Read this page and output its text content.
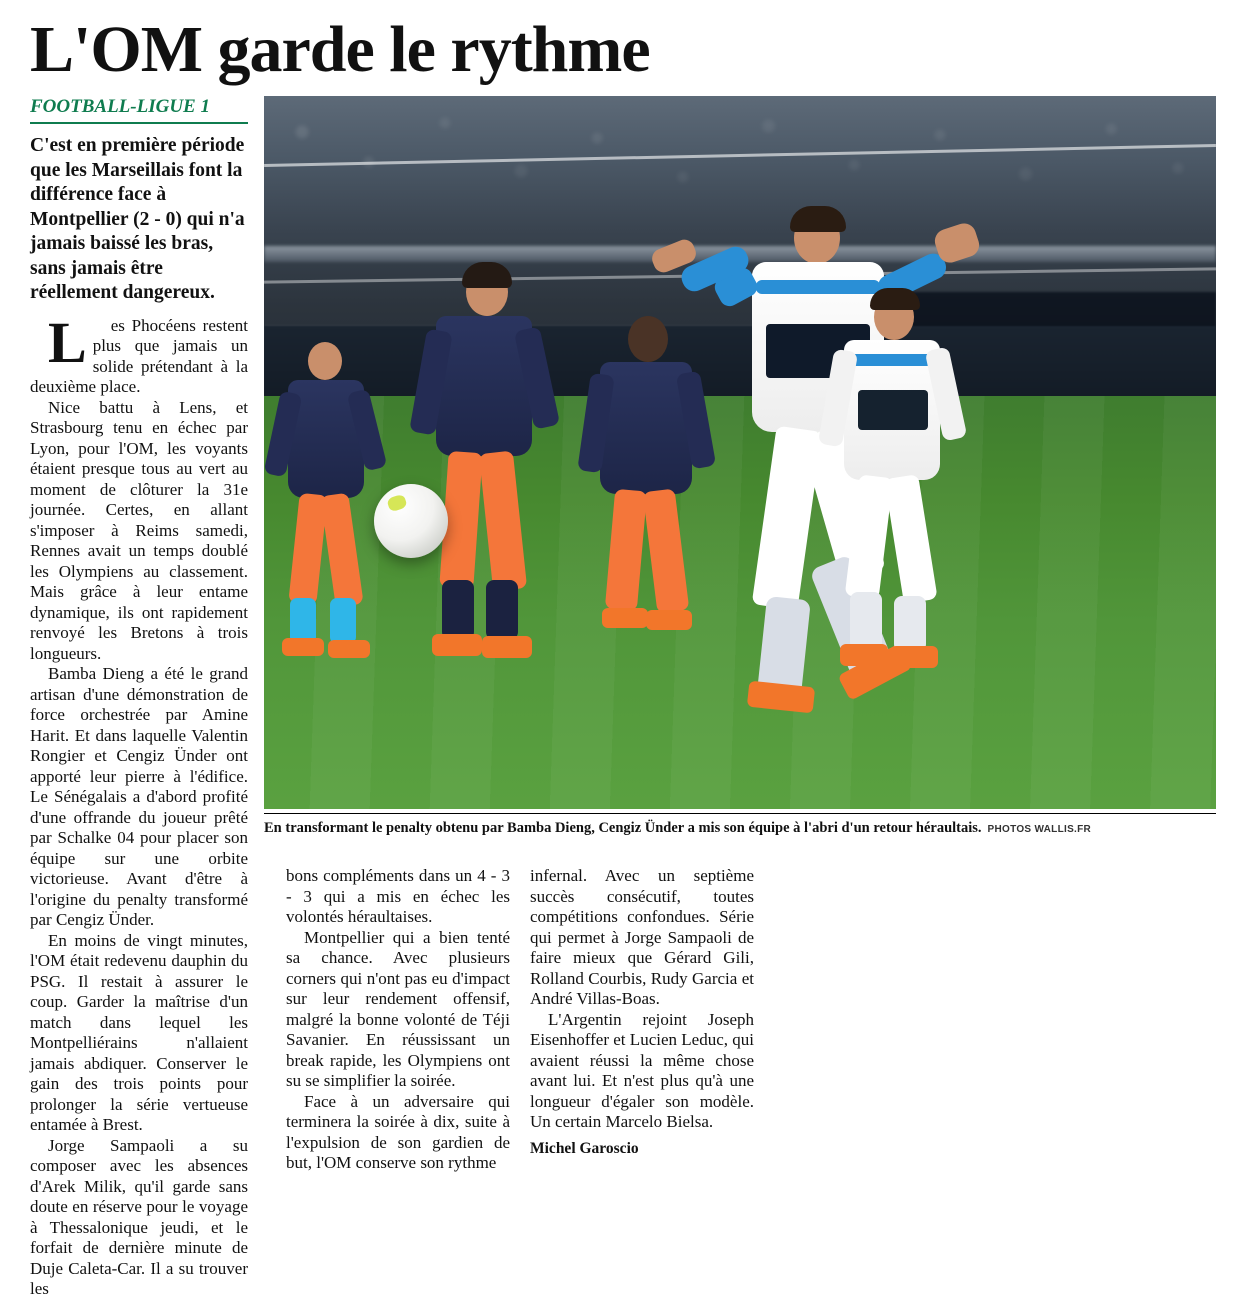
L'OM garde le rythme
FOOTBALL-LIGUE 1

C'est en première période que les Marseillais font la différence face à Montpellier (2 - 0) qui n'a jamais baissé les bras, sans jamais être réellement dangereux.

L	es Phocéens restent plus que jamais un solide prétendant à la deuxième place.

Nice battu à Lens, et Strasbourg tenu en échec par Lyon, pour l'OM, les voyants étaient presque tous au vert au moment de clôturer la 31e journée. Certes, en allant s'imposer à Reims samedi, Rennes avait un temps doublé les Olympiens au classement. Mais grâce à leur entame dynamique, ils ont rapidement renvoyé les Bretons à trois longueurs.

Bamba Dieng a été le grand artisan d'une démonstration de force orchestrée par Amine Harit. Et dans laquelle Valentin Rongier et Cengiz Ünder ont apporté leur pierre à l'édifice. Le Sénégalais a d'abord profité d'une offrande du joueur prêté par Schalke 04 pour placer son équipe sur une orbite victorieuse. Avant d'être à l'origine du penalty transformé par Cengiz Ünder.

En moins de vingt minutes, l'OM était redevenu dauphin du PSG. Il restait à assurer le coup. Garder la maîtrise d'un match dans lequel les Montpelliérains n'allaient jamais abdiquer. Conserver le gain des trois points pour prolonger la série vertueuse entamée à Brest.

Jorge Sampaoli a su composer avec les absences d'Arek Milik, qu'il garde sans doute en réserve pour le voyage à Thessalonique jeudi, et le forfait de dernière minute de Duje Caleta-Car. Il a su trouver les

En transformant le penalty obtenu par Bamba Dieng, Cengiz Ünder a mis son équipe à l'abri d'un retour héraultais. PHOTOS WALLIS.FR

bons compléments dans un 4 - 3 - 3 qui a mis en échec les volontés héraultaises.

Montpellier qui a bien tenté sa chance. Avec plusieurs corners qui n'ont pas eu d'impact sur leur rendement offensif, malgré la bonne volonté de Téji Savanier. En réussissant un break rapide, les Olympiens ont su se simplifier la soirée.

Face à un adversaire qui terminera la soirée à dix, suite à l'expulsion de son gardien de but, l'OM conserve son rythme

infernal. Avec un septième succès consécutif, toutes compétitions confondues. Série qui permet à Jorge Sampaoli de faire mieux que Gérard Gili, Rolland Courbis, Rudy Garcia et André Villas-Boas.

L'Argentin rejoint Joseph Eisenhoffer et Lucien Leduc, qui avaient réussi la même chose avant lui. Et n'est plus qu'à une longueur d'égaler son modèle. Un certain Marcelo Bielsa.

Michel Garoscio
